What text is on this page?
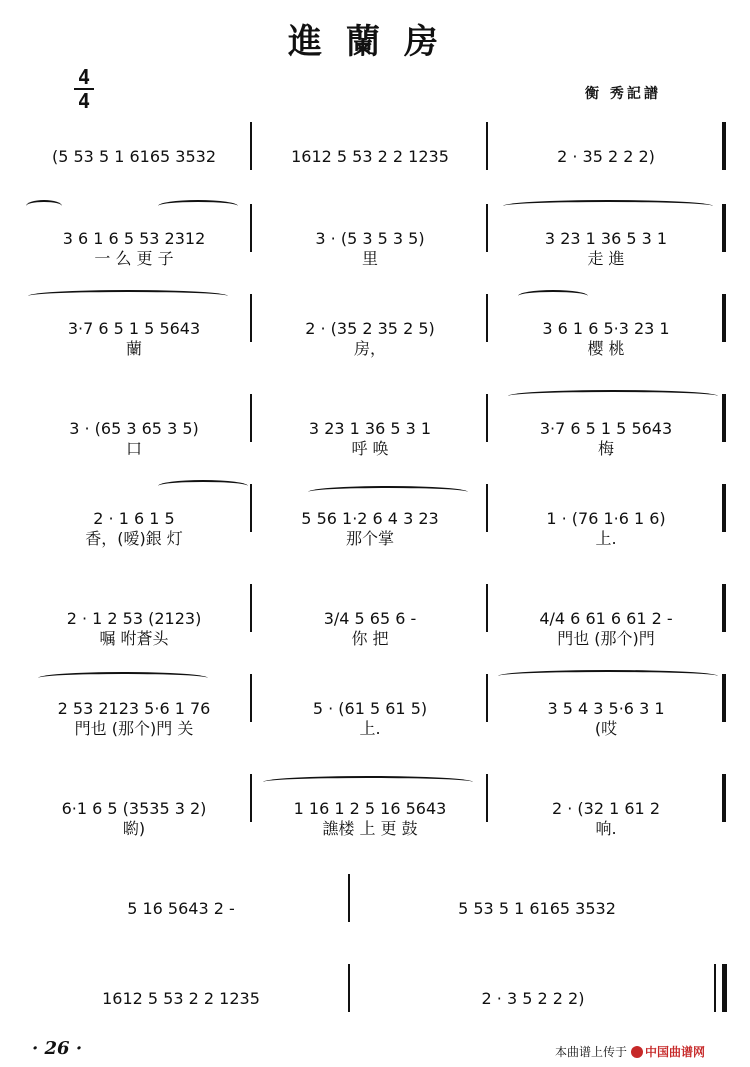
進蘭房
衡 秀記譜
4
4
(5 53 5 1 6165 3532	1612 5 53 2 2 1235	2 · 35 2 2 2)
3 6 1 6 5 53 2312	3 · (5 3 5 3 5)	3 23 1 36 5 3 1
一 么 更 子	里	走 進
3·7 6 5 1 5 5643	2 · (35 2 35 2 5)	3 6 1 6 5·3 23 1
蘭	房，	樱 桃
3 · (65 3 65 3 5)	3 23 1 36 5 3 1	3·7 6 5 1 5 5643
口	呼 唤	梅
2 · 1 6 1 5	5 56 1·2 6 4 3 23	1 · (76 1·6 1 6)
香，(嗳)銀 灯	那个掌	上.
2 · 1 2 53 (2123)	3/4 5 65 6 -	4/4 6 61 6 61 2 -
嘱 咐蒼头	你 把	門也 (那个)門
2 53 2123 5·6 1 76	5 · (61 5 61 5)	3 5 4 3 5·6 3 1
門也 (那个)門 关	上.	(哎
6·1 6 5 (3535 3 2)	1 16 1 2 5 16 5643	2 · (32 1 61 2
喲)	譙楼 上 更 鼓	响.
5 16 5643 2 -	5 53 5 1 6165 3532
1612 5 53 2 2 1235	2 · 3 5 2 2 2)
· 26 ·	本曲谱上传于 中国曲谱网
